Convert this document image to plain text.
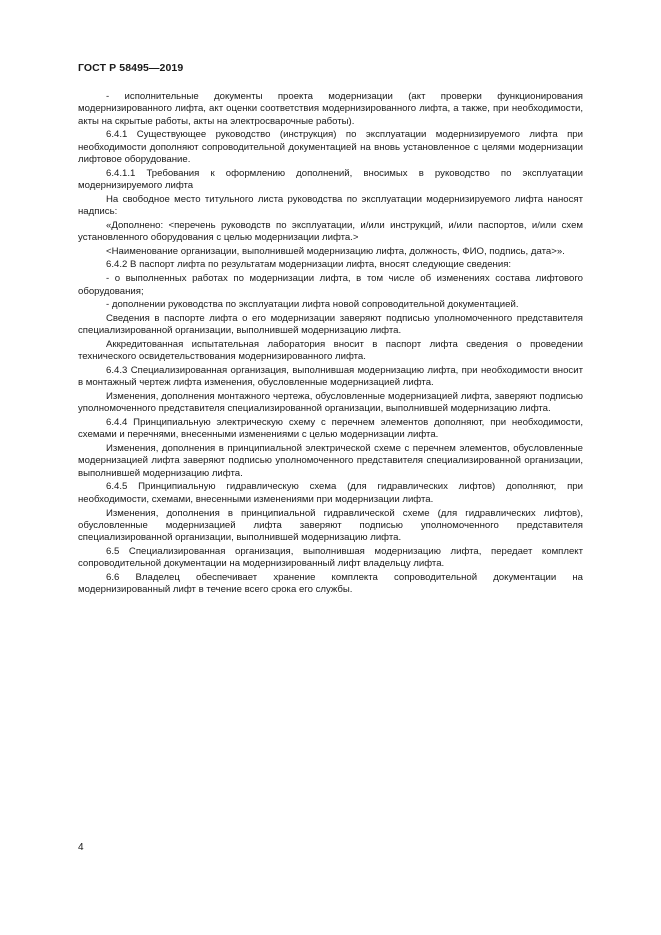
ГОСТ Р 58495—2019

- исполнительные документы проекта модернизации (акт проверки функционирования модернизированного лифта, акт оценки соответствия модернизированного лифта, а также, при необходимости, акты на скрытые работы, акты на электросварочные работы).

6.4.1 Существующее руководство (инструкция) по эксплуатации модернизируемого лифта при необходимости дополняют сопроводительной документацией на вновь установленное с целями модернизации лифтовое оборудование.

6.4.1.1 Требования к оформлению дополнений, вносимых в руководство по эксплуатации модернизируемого лифта

На свободное место титульного листа руководства по эксплуатации модернизируемого лифта наносят надпись:

«Дополнено: <перечень руководств по эксплуатации, и/или инструкций, и/или паспортов, и/или схем установленного оборудования с целью модернизации лифта.>

<Наименование организации, выполнившей модернизацию лифта, должность, ФИО, подпись, дата>».

6.4.2 В паспорт лифта по результатам модернизации лифта, вносят следующие сведения:

- о выполненных работах по модернизации лифта, в том числе об изменениях состава лифтового оборудования;

- дополнении руководства по эксплуатации лифта новой сопроводительной документацией.

Сведения в паспорте лифта о его модернизации заверяют подписью уполномоченного представителя специализированной организации, выполнившей модернизацию лифта.

Аккредитованная испытательная лаборатория вносит в паспорт лифта сведения о проведении технического освидетельствования модернизированного лифта.

6.4.3 Специализированная организация, выполнившая модернизацию лифта, при необходимости вносит в монтажный чертеж лифта изменения, обусловленные модернизацией лифта.

Изменения, дополнения монтажного чертежа, обусловленные модернизацией лифта, заверяют подписью уполномоченного представителя специализированной организации, выполнившей модернизацию лифта.

6.4.4 Принципиальную электрическую схему с перечнем элементов дополняют, при необходимости, схемами и перечнями, внесенными изменениями с целью модернизации лифта.

Изменения, дополнения в принципиальной электрической схеме с перечнем элементов, обусловленные модернизацией лифта заверяют подписью уполномоченного представителя специализированной организации, выполнившей модернизацию лифта.

6.4.5 Принципиальную гидравлическую схема (для гидравлических лифтов) дополняют, при необходимости, схемами, внесенными изменениями при модернизации лифта.

Изменения, дополнения в принципиальной гидравлической схеме (для гидравлических лифтов), обусловленные модернизацией лифта заверяют подписью уполномоченного представителя специализированной организации, выполнившей модернизацию лифта.

6.5 Специализированная организация, выполнившая модернизацию лифта, передает комплект сопроводительной документации на модернизированный лифт владельцу лифта.

6.6 Владелец обеспечивает хранение комплекта сопроводительной документации на модернизированный лифт в течение всего срока его службы.

4
